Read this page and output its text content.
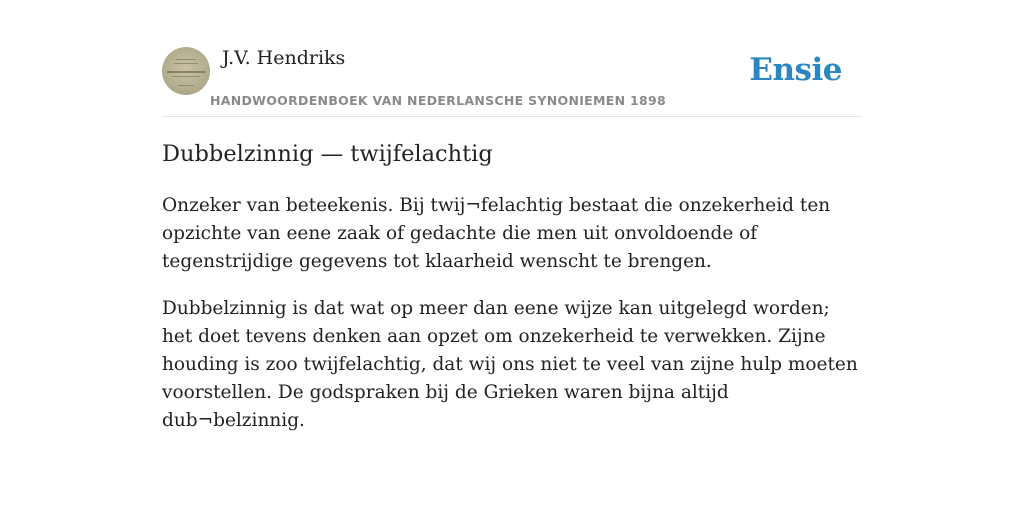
J.V. Hendriks
HANDWOORDENBOEK VAN NEDERLANSCHE SYNONIEMEN 1898
Ensie
Dubbelzinnig — twijfelachtig

Onzeker van beteekenis. Bij twij¬felachtig bestaat die onzekerheid ten opzichte van eene zaak of gedachte die men uit onvoldoende of tegenstrijdige gegevens tot klaarheid wenscht te brengen.

Dubbelzinnig is dat wat op meer dan eene wijze kan uitgelegd worden; het doet tevens denken aan opzet om onzekerheid te verwekken. Zijne houding is zoo twijfelachtig, dat wij ons niet te veel van zijne hulp moeten voorstellen. De godspraken bij de Grieken waren bijna altijd dub¬belzinnig.
